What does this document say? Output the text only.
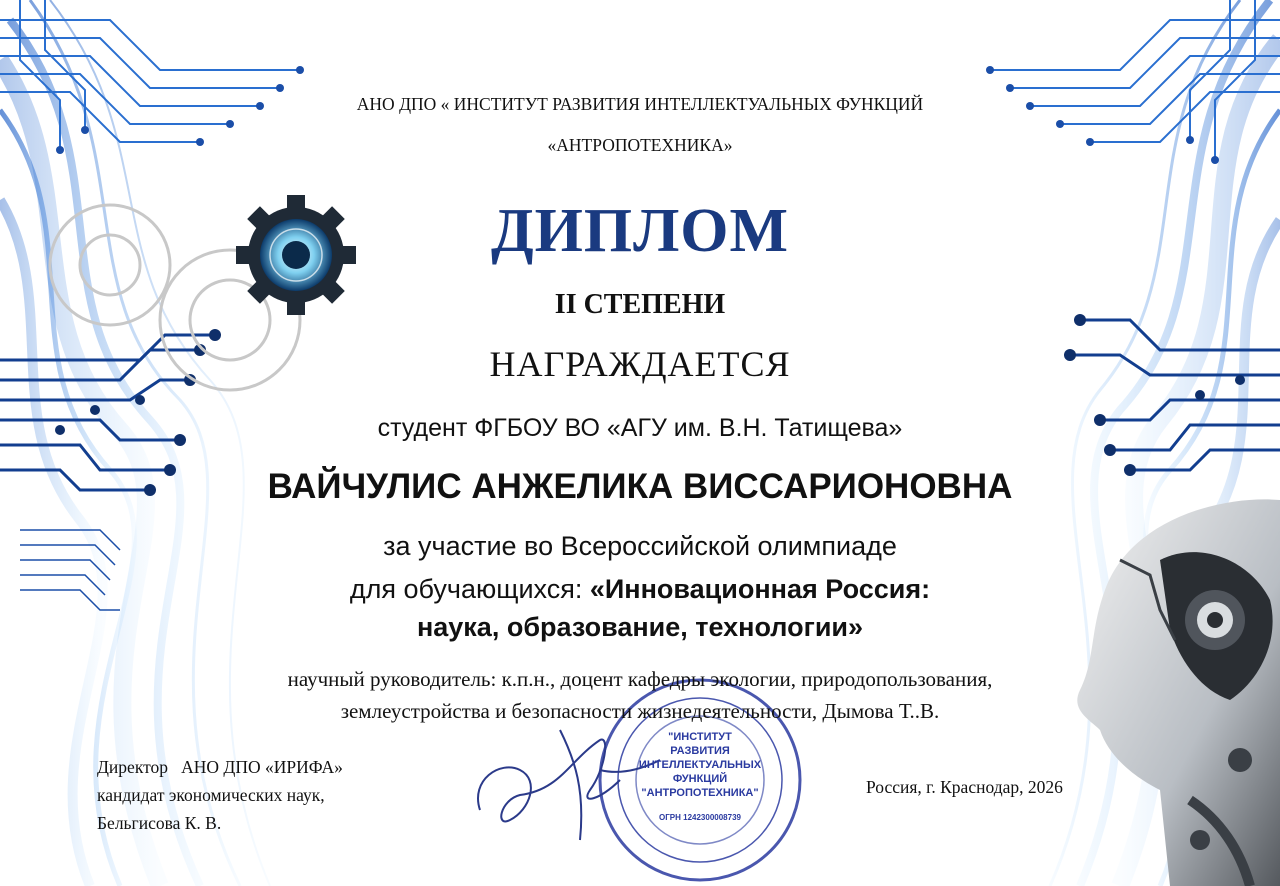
"ИНСТИТУТ
РАЗВИТИЯ
ИНТЕЛЛЕКТУАЛЬНЫХ
ФУНКЦИЙ
"АНТРОПОТЕХНИКА"
ОГРН 1242300008739
АНО ДПО « ИНСТИТУТ РАЗВИТИЯ ИНТЕЛЛЕКТУАЛЬНЫХ ФУНКЦИЙ
«АНТРОПОТЕХНИКА»
ДИПЛОМ
II СТЕПЕНИ
НАГРАЖДАЕТСЯ
студент ФГБОУ ВО «АГУ им. В.Н. Татищева»
ВАЙЧУЛИС АНЖЕЛИКА ВИССАРИОНОВНА
за участие во Всероссийской олимпиаде
для обучающихся: «Инновационная Россия:
наука, образование, технологии»
научный руководитель: к.п.н., доцент кафедры экологии, природопользования,
землеустройства и безопасности жизнедеятельности, Дымова Т..В.
Директор   АНО ДПО «ИРИФА»
кандидат экономических наук,
Бельгисова К. В.
Россия, г. Краснодар, 2026
